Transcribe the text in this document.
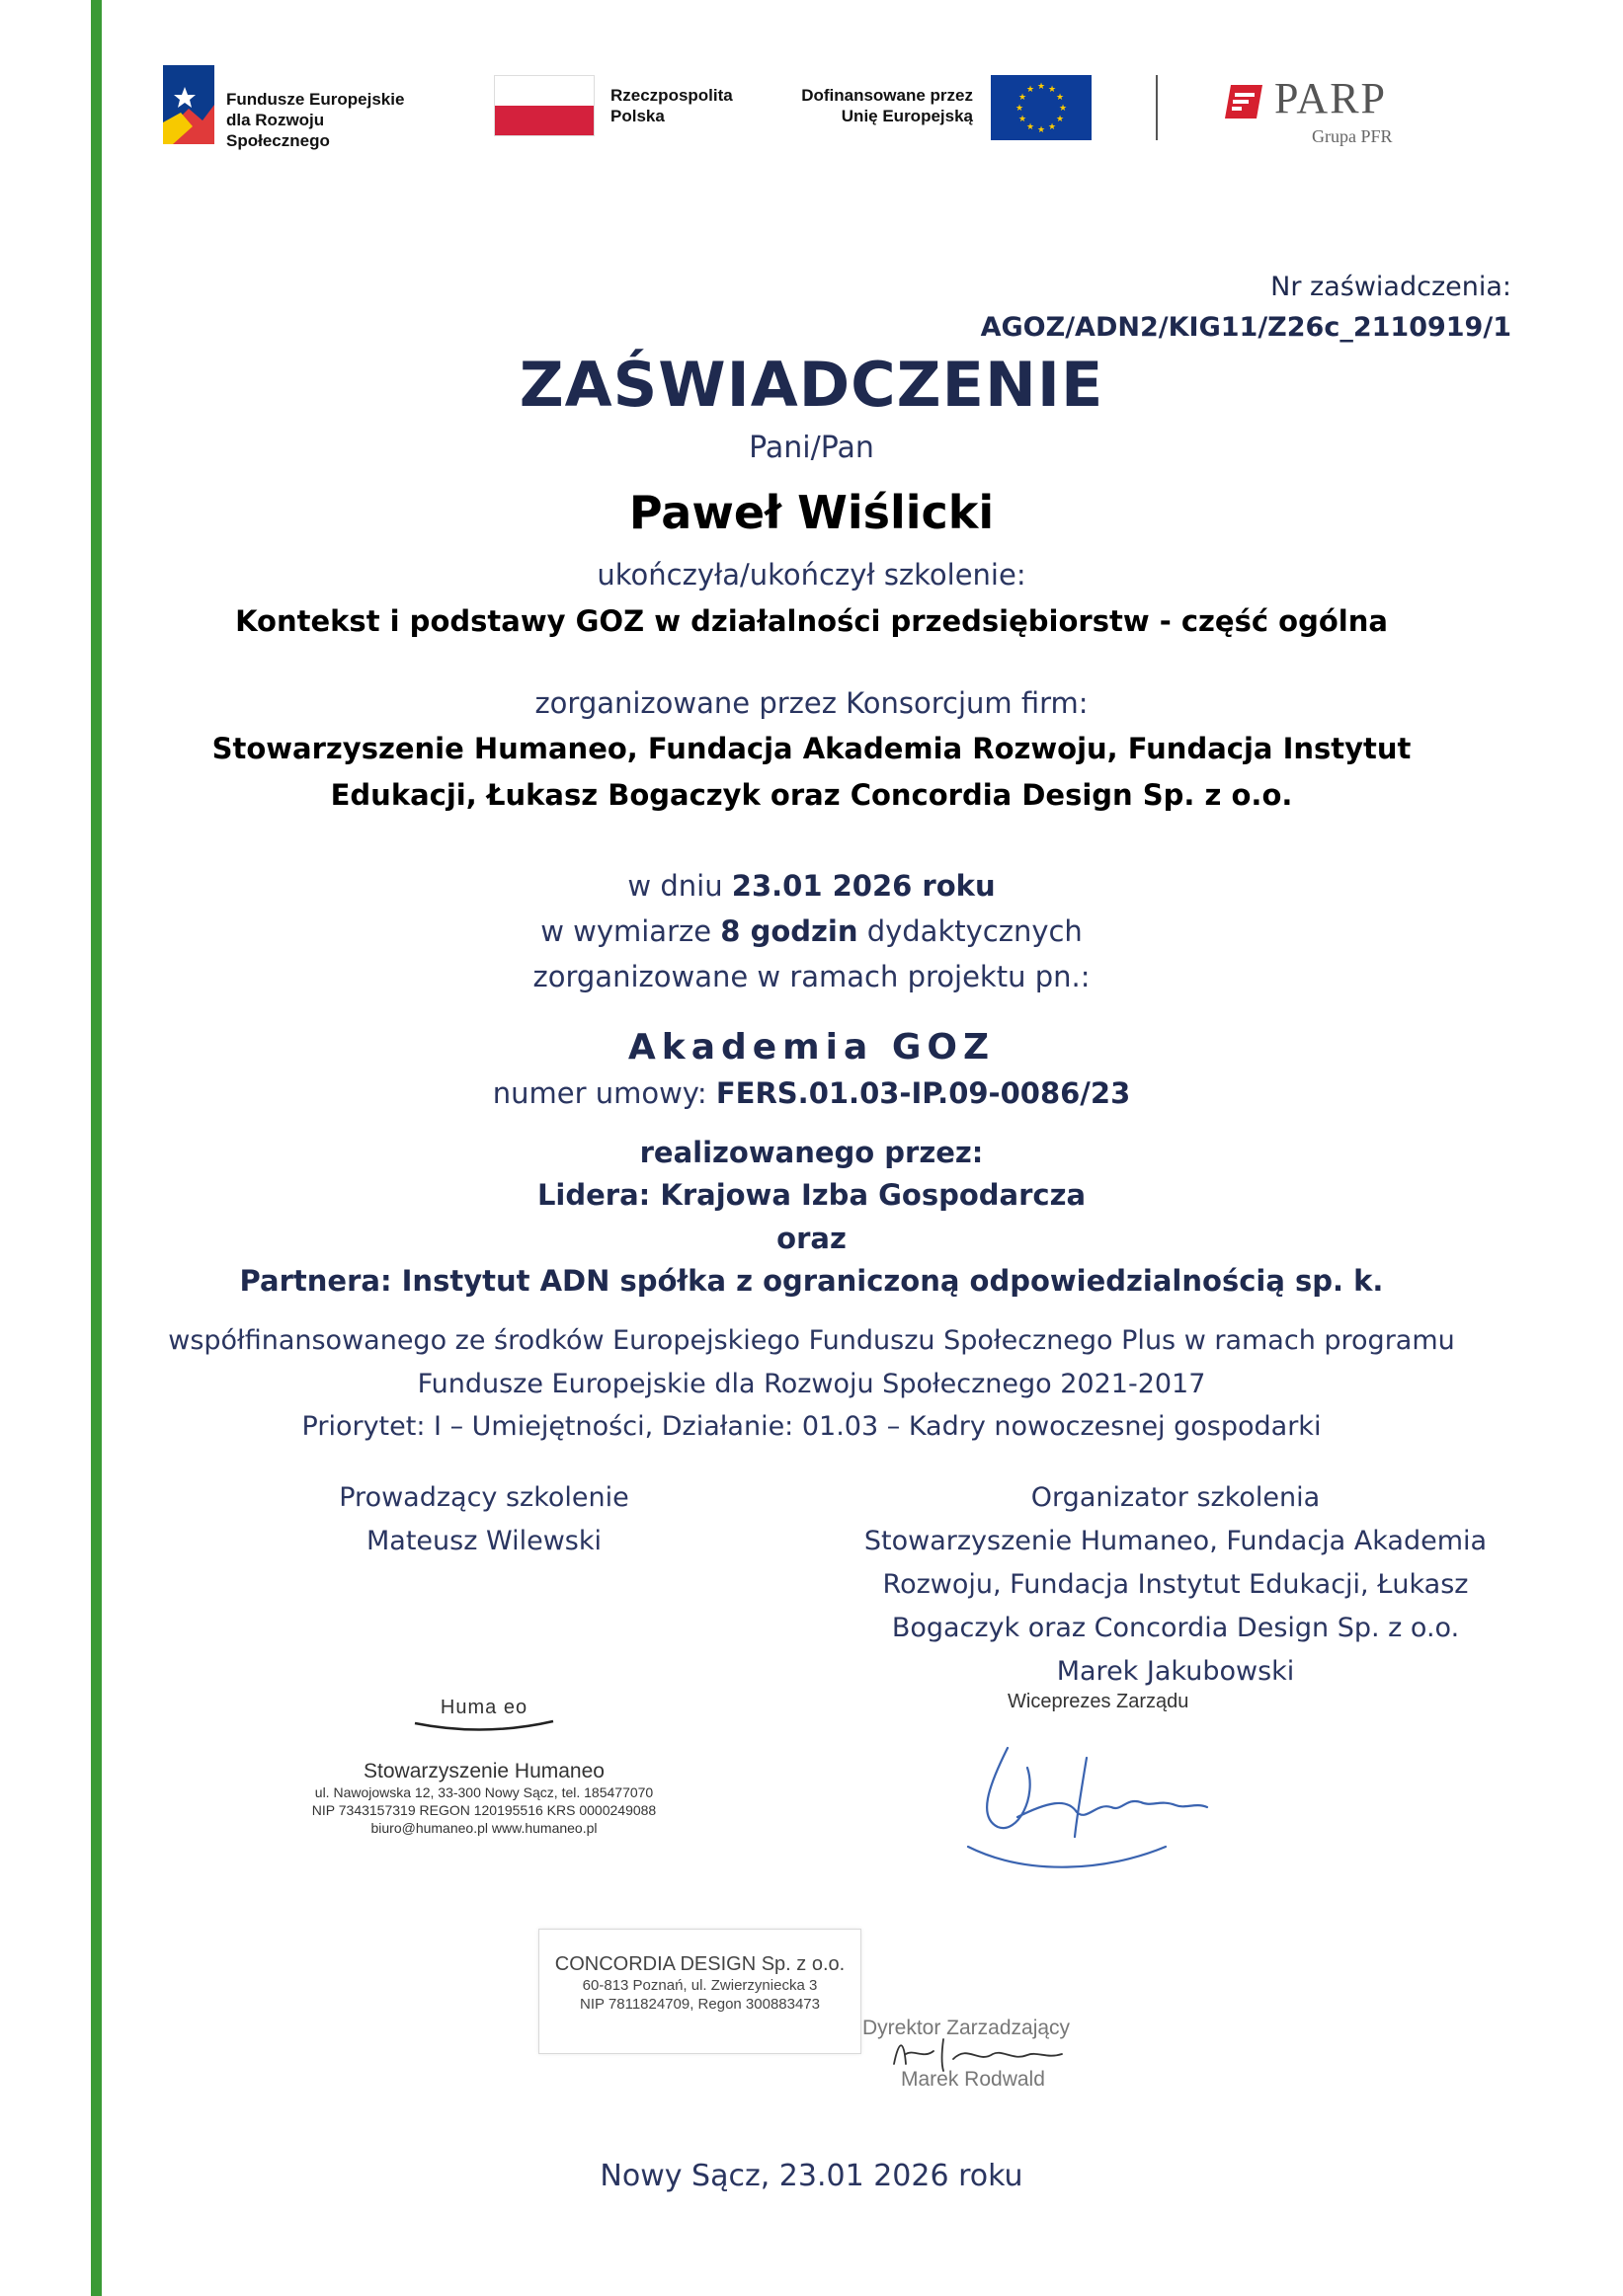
Fundusze Europejskie
dla Rozwoju Społecznego
Rzeczpospolita
Polska
Dofinansowane przez
Unię Europejską
★ ★
★
★
★
★
★
★
★
★
★
★	PARP
Grupa PFR
Nr zaświadczenia:
AGOZ/ADN2/KIG11/Z26c_2110919/1
ZAŚWIADCZENIE
Pani/Pan
Paweł Wiślicki
ukończyła/ukończył szkolenie:
Kontekst i podstawy GOZ w działalności przedsiębiorstw - część ogólna
zorganizowane przez Konsorcjum firm:
Stowarzyszenie Humaneo, Fundacja Akademia Rozwoju, Fundacja Instytut
Edukacji, Łukasz Bogaczyk oraz Concordia Design Sp. z o.o.
w dniu 23.01 2026 roku
w wymiarze 8 godzin dydaktycznych
zorganizowane w ramach projektu pn.:
Akademia GOZ
numer umowy: FERS.01.03-IP.09-0086/23
realizowanego przez:
Lidera: Krajowa Izba Gospodarcza
oraz
Partnera: Instytut ADN spółka z ograniczoną odpowiedzialnością sp. k.
współfinansowanego ze środków Europejskiego Funduszu Społecznego Plus w ramach programu
Fundusze Europejskie dla Rozwoju Społecznego 2021-2017
Priorytet: I – Umiejętności, Działanie: 01.03 – Kadry nowoczesnej gospodarki
Prowadzący szkolenie
Mateusz Wilewski
Organizator szkolenia
Stowarzyszenie Humaneo, Fundacja Akademia
Rozwoju, Fundacja Instytut Edukacji, Łukasz
Bogaczyk oraz Concordia Design Sp. z o.o.
Marek Jakubowski
Huma eo
Stowarzyszenie Humaneo
ul. Nawojowska 12, 33-300 Nowy Sącz, tel. 185477070
NIP 7343157319 REGON 120195516 KRS 0000249088
biuro@humaneo.pl www.humaneo.pl
Wiceprezes Zarządu
CONCORDIA DESIGN Sp. z o.o.
60-813 Poznań, ul. Zwierzyniecka 3
NIP 7811824709, Regon 300883473
Dyrektor Zarzadzający
Marek Rodwald
Nowy Sącz, 23.01 2026 roku
